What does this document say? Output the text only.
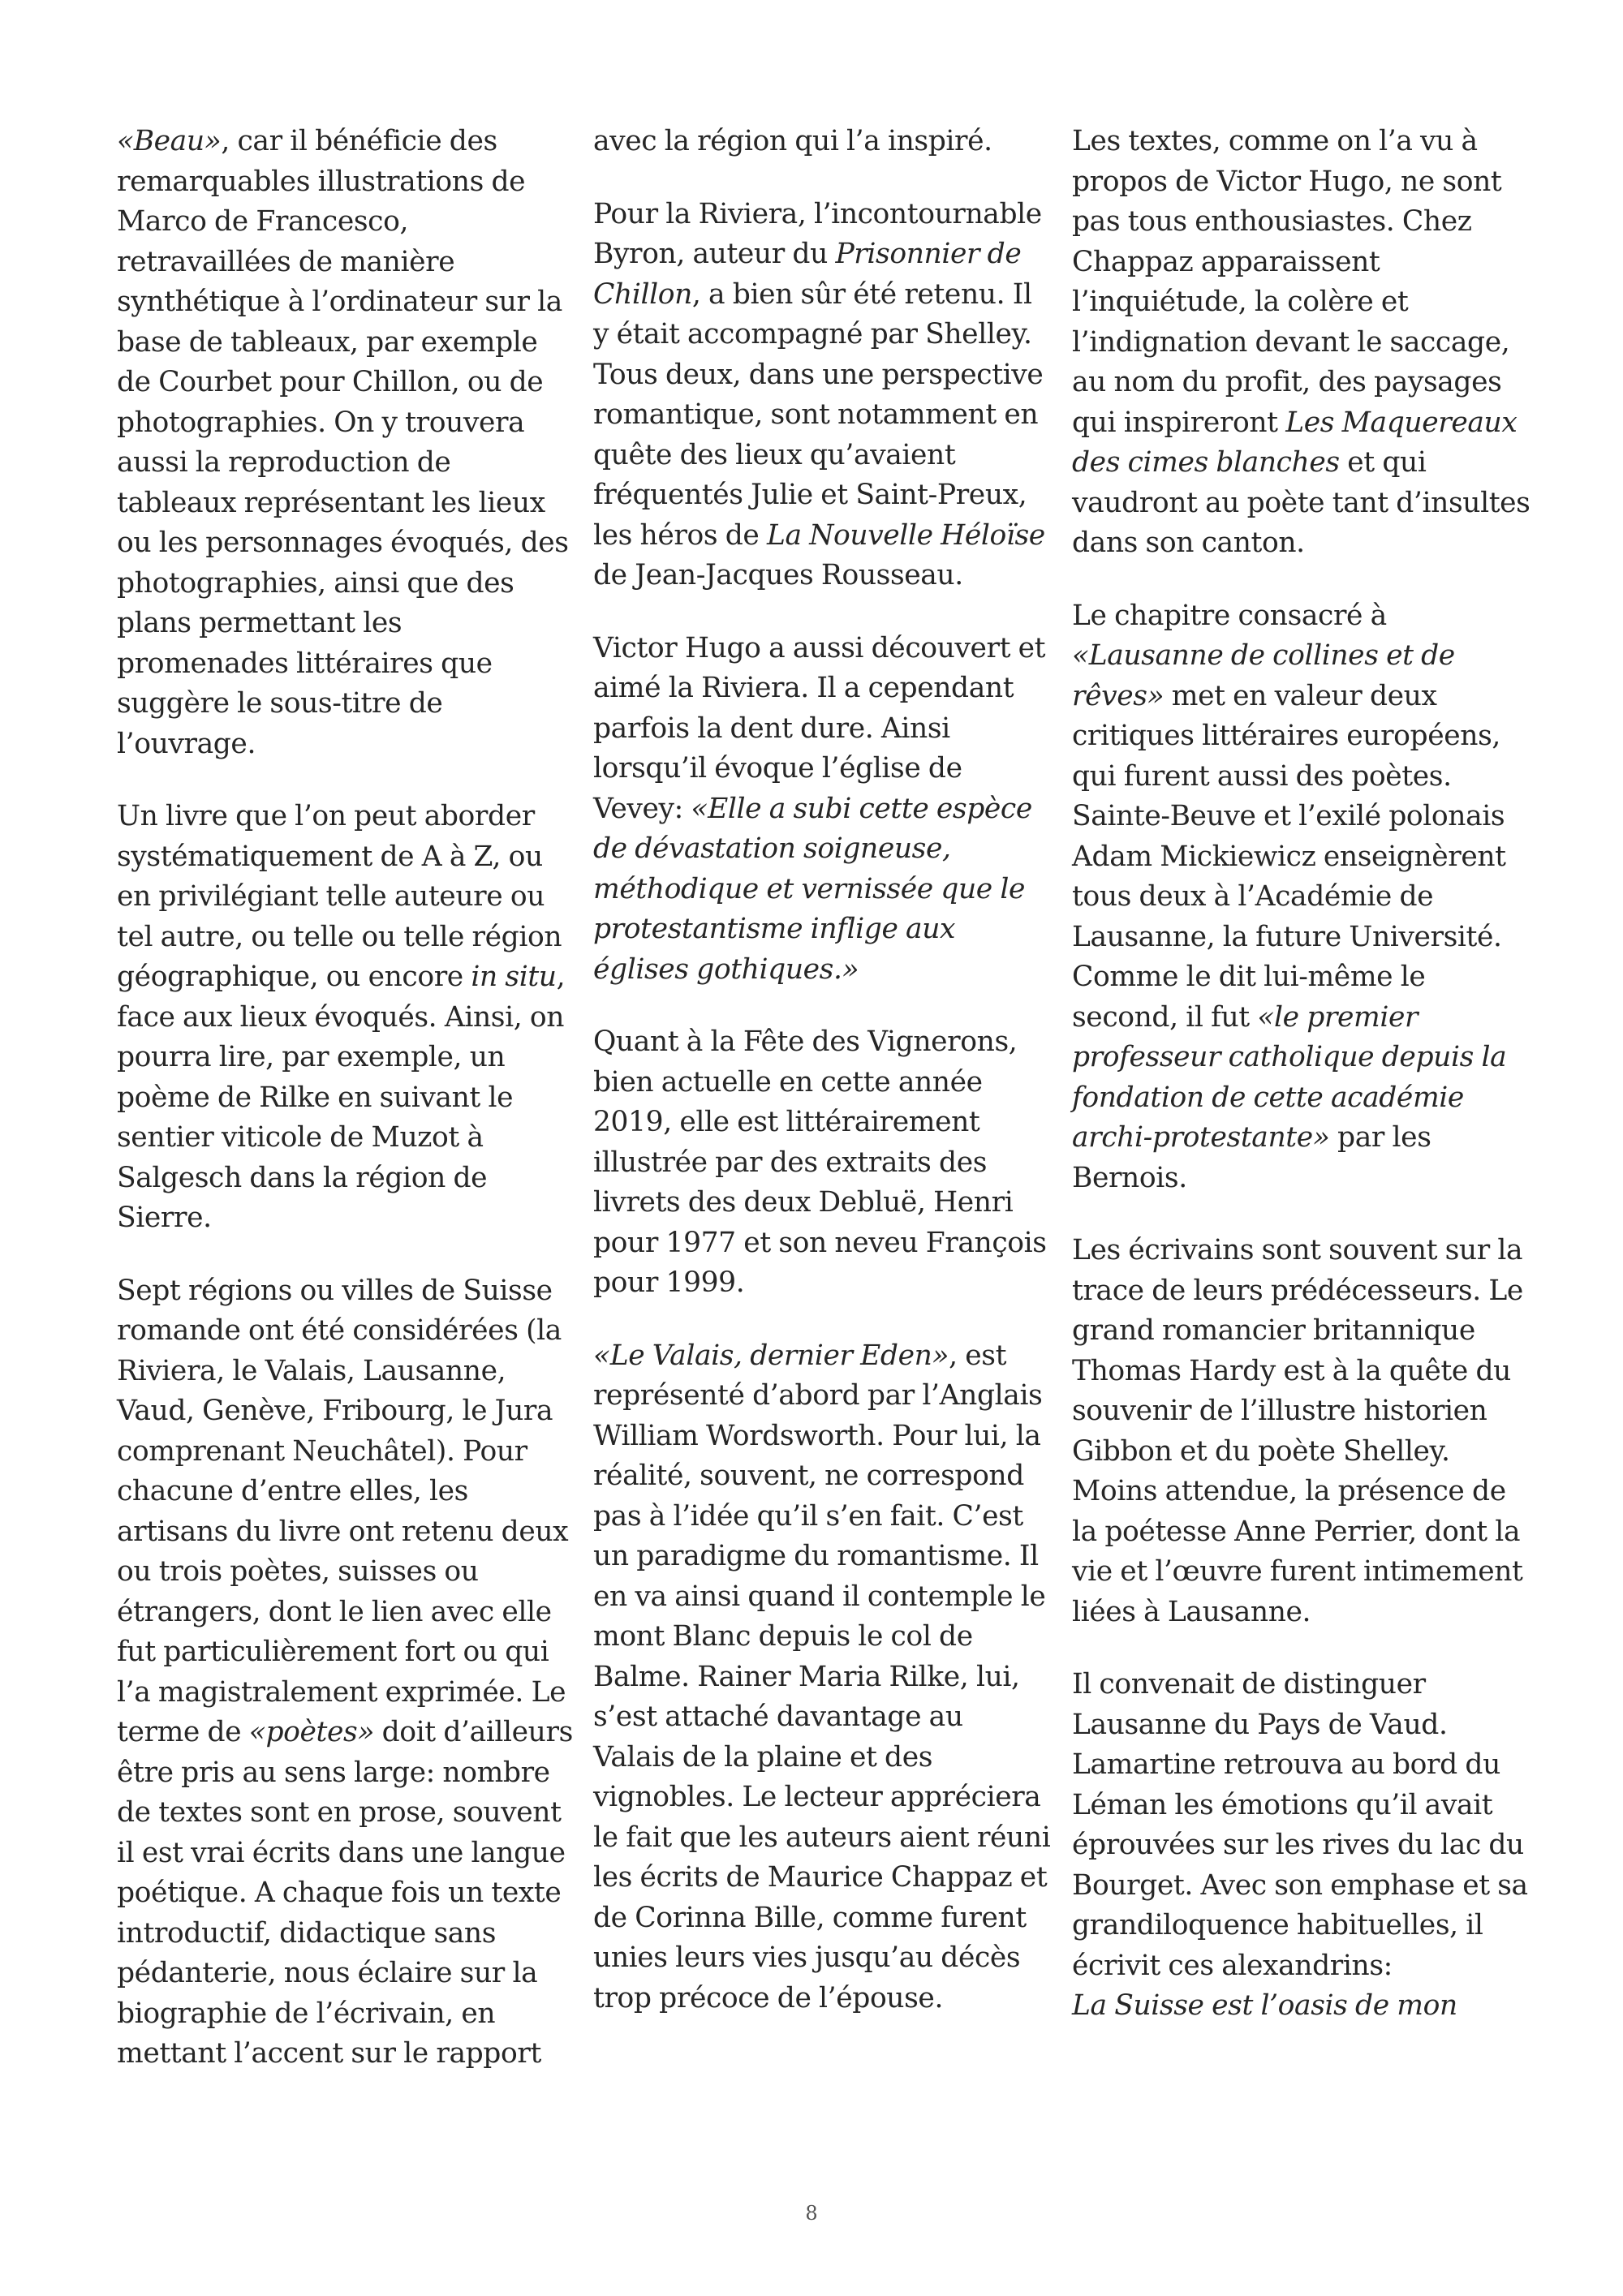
«Beau», car il bénéficie des remarquables illustrations de Marco de Francesco, retravaillées de manière synthétique à l’ordinateur sur la base de tableaux, par exemple de Courbet pour Chillon, ou de photographies. On y trouvera aussi la reproduction de tableaux représentant les lieux ou les personnages évoqués, des photographies, ainsi que des plans permettant les promenades littéraires que suggère le sous-titre de l’ouvrage.

Un livre que l’on peut aborder systématiquement de A à Z, ou en privilégiant telle auteure ou tel autre, ou telle ou telle région géographique, ou encore in situ, face aux lieux évoqués. Ainsi, on pourra lire, par exemple, un poème de Rilke en suivant le sentier viticole de Muzot à Salgesch dans la région de Sierre.

Sept régions ou villes de Suisse romande ont été considérées (la Riviera, le Valais, Lausanne, Vaud, Genève, Fribourg, le Jura comprenant Neuchâtel). Pour chacune d’entre elles, les artisans du livre ont retenu deux ou trois poètes, suisses ou étrangers, dont le lien avec elle fut particulièrement fort ou qui l’a magistralement exprimée. Le terme de «poètes» doit d’ailleurs être pris au sens large: nombre de textes sont en prose, souvent il est vrai écrits dans une langue poétique. A chaque fois un texte introductif, didactique sans pédanterie, nous éclaire sur la biographie de l’écrivain, en mettant l’accent sur le rapport

avec la région qui l’a inspiré.

Pour la Riviera, l’incontournable Byron, auteur du Prisonnier de Chillon, a bien sûr été retenu. Il y était accompagné par Shelley. Tous deux, dans une perspective romantique, sont notamment en quête des lieux qu’avaient fréquentés Julie et Saint-Preux, les héros de La Nouvelle Héloïse de Jean-Jacques Rousseau.

Victor Hugo a aussi découvert et aimé la Riviera. Il a cependant parfois la dent dure. Ainsi lorsqu’il évoque l’église de Vevey: «Elle a subi cette espèce de dévastation soigneuse, méthodique et vernissée que le protestantisme inflige aux églises gothiques.»

Quant à la Fête des Vignerons, bien actuelle en cette année 2019, elle est littérairement illustrée par des extraits des livrets des deux Debluë, Henri pour 1977 et son neveu François pour 1999.

«Le Valais, dernier Eden», est représenté d’abord par l’Anglais William Wordsworth. Pour lui, la réalité, souvent, ne correspond pas à l’idée qu’il s’en fait. C’est un paradigme du romantisme. Il en va ainsi quand il contemple le mont Blanc depuis le col de Balme. Rainer Maria Rilke, lui, s’est attaché davantage au Valais de la plaine et des vignobles. Le lecteur appréciera le fait que les auteurs aient réuni les écrits de Maurice Chappaz et de Corinna Bille, comme furent unies leurs vies jusqu’au décès trop précoce de l’épouse.

Les textes, comme on l’a vu à propos de Victor Hugo, ne sont pas tous enthousiastes. Chez Chappaz apparaissent l’inquiétude, la colère et l’indignation devant le saccage, au nom du profit, des paysages qui inspireront Les Maquereaux des cimes blanches et qui vaudront au poète tant d’insultes dans son canton.

Le chapitre consacré à «Lausanne de collines et de rêves» met en valeur deux critiques littéraires européens, qui furent aussi des poètes. Sainte-Beuve et l’exilé polonais Adam Mickiewicz enseignèrent tous deux à l’Académie de Lausanne, la future Université. Comme le dit lui-même le second, il fut «le premier professeur catholique depuis la fondation de cette académie archi-protestante» par les Bernois.

Les écrivains sont souvent sur la trace de leurs prédécesseurs. Le grand romancier britannique Thomas Hardy est à la quête du souvenir de l’illustre historien Gibbon et du poète Shelley. Moins attendue, la présence de la poétesse Anne Perrier, dont la vie et l’œuvre furent intimement liées à Lausanne.

Il convenait de distinguer Lausanne du Pays de Vaud. Lamartine retrouva au bord du Léman les émotions qu’il avait éprouvées sur les rives du lac du Bourget. Avec son emphase et sa grandiloquence habituelles, il écrivit ces alexandrins:
La Suisse est l’oasis de mon

8
